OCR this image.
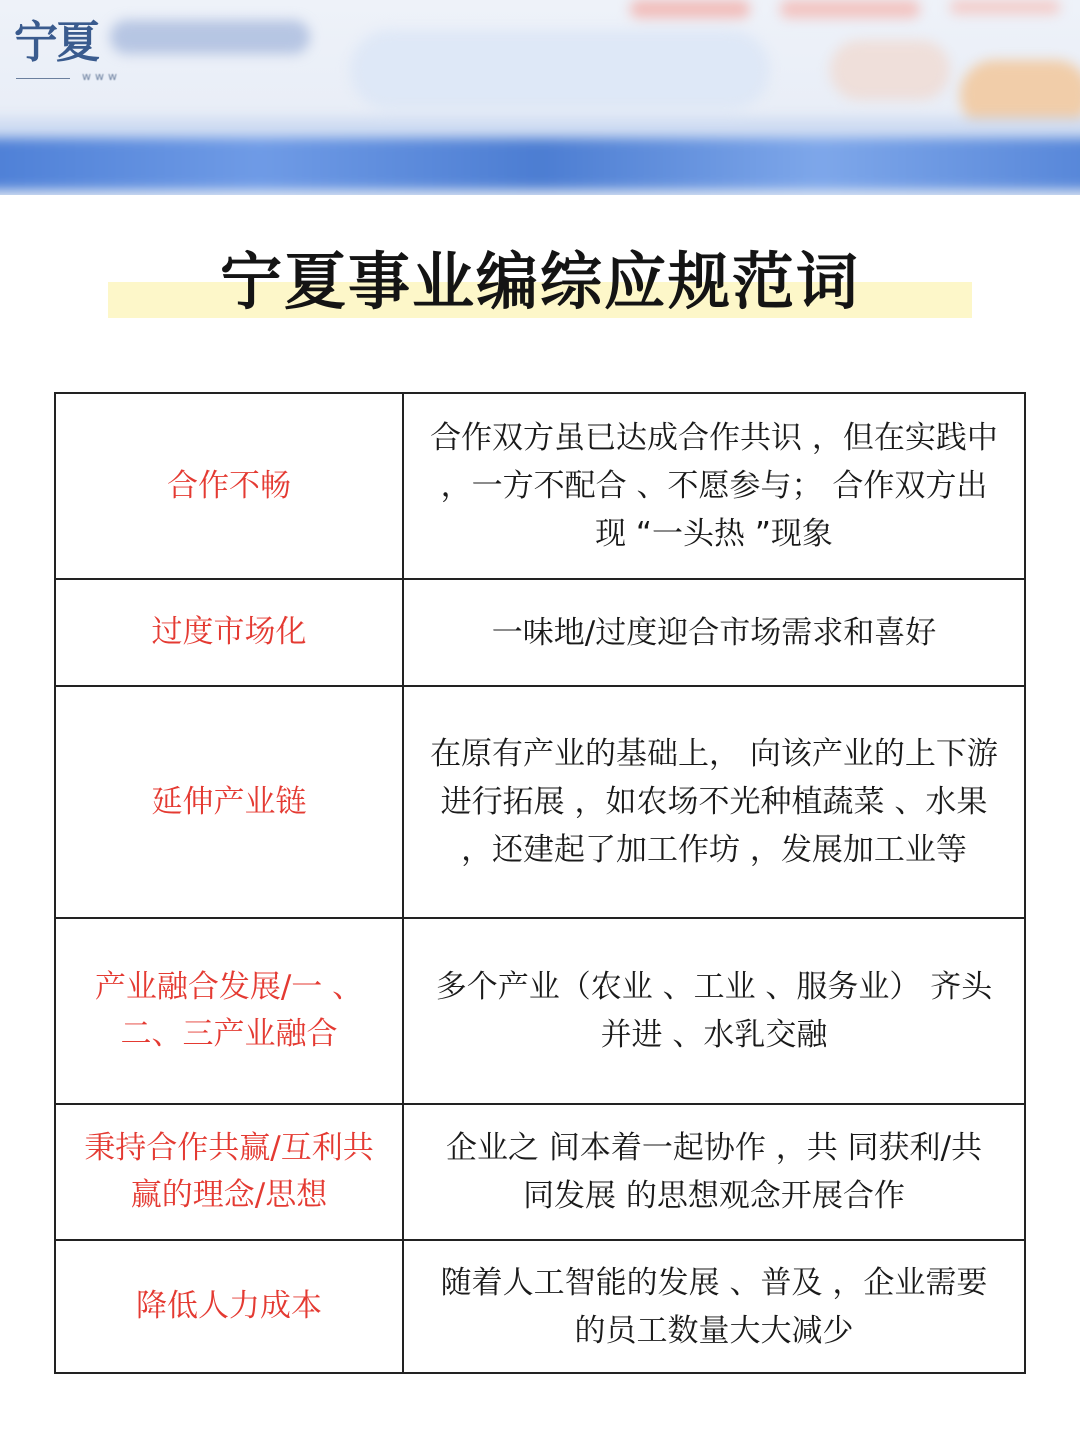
宁夏
www
宁夏事业编综应规范词
合作不畅
合作双方虽已达成合作共识 ，但在实践中 ，一方不配合 、不愿参与； 合作双方出现 “一头热 ”现象
过度市场化	一味地/过度迎合市场需求和喜好
延伸产业链
在原有产业的基础上， 向该产业的上下游进行拓展 ，如农场不光种植蔬菜 、水果 ，还建起了加工作坊 ，发展加工业等
产业融合发展/一 、 二、三产业融合
多个产业（农业 、工业 、服务业） 齐头并进 、水乳交融
秉持合作共赢/互利共赢的理念/思想
企业之 间本着一起协作 ，共 同获利/共 同发展 的思想观念开展合作
降低人力成本
随着人工智能的发展 、普及 ，企业需要的员工数量大大减少
